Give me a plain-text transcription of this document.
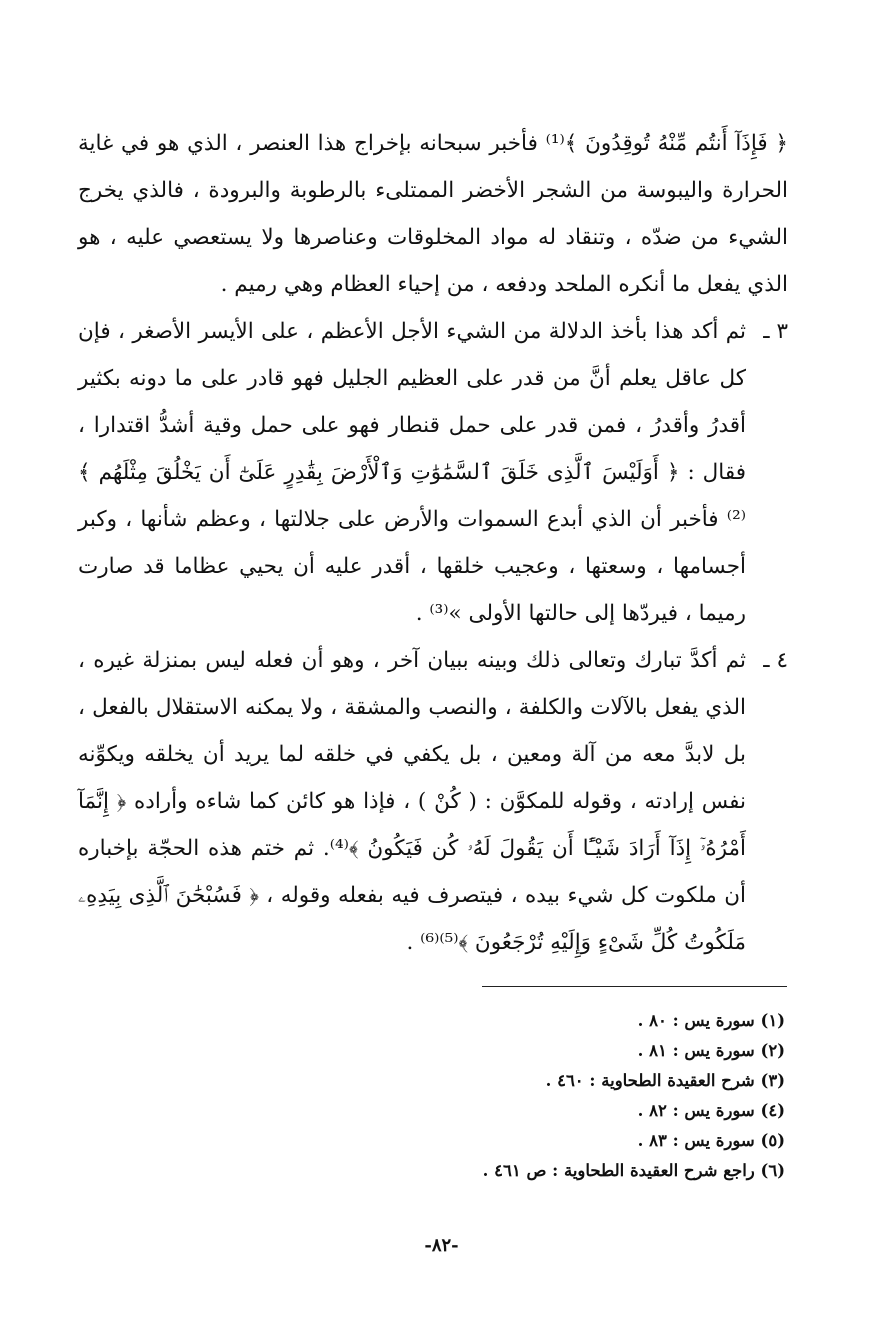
﴿ فَإِذَآ أَنتُم مِّنْهُ تُوقِدُونَ ﴾⁽¹⁾ فأخبر سبحانه بإخراج هذا العنصر ، الذي هو في غاية الحرارة واليبوسة من الشجر الأخضر الممتلىء بالرطوبة والبرودة ، فالذي يخرج الشيء من ضدّه ، وتنقاد له مواد المخلوقات وعناصرها ولا يستعصي عليه ، هو الذي يفعل ما أنكره الملحد ودفعه ، من إحياء العظام وهي رميم .

٣ ـ

ثم أكد هذا بأخذ الدلالة من الشيء الأجل الأعظم ، على الأيسر الأصغر ، فإن كل عاقل يعلم أنَّ من قدر على العظيم الجليل فهو قادر على ما دونه بكثير أقدرُ وأقدرُ ، فمن قدر على حمل قنطار فهو على حمل وقية أشدُّ اقتدارا ، فقال : ﴿ أَوَلَيْسَ ٱلَّذِى خَلَقَ ٱلسَّمَٰوَٰتِ وَٱلْأَرْضَ بِقَٰدِرٍ عَلَىٰٓ أَن يَخْلُقَ مِثْلَهُم ﴾⁽²⁾ فأخبر أن الذي أبدع السموات والأرض على جلالتها ، وعظم شأنها ، وكبر أجسامها ، وسعتها ، وعجيب خلقها ، أقدر عليه أن يحيي عظاما قد صارت رميما ، فيردّها إلى حالتها الأولى »⁽³⁾ .

٤ ـ

ثم أكدَّ تبارك وتعالى ذلك وبينه ببيان آخر ، وهو أن فعله ليس بمنزلة غيره ، الذي يفعل بالآلات والكلفة ، والنصب والمشقة ، ولا يمكنه الاستقلال بالفعل ، بل لابدَّ معه من آلة ومعين ، بل يكفي في خلقه لما يريد أن يخلقه ويكوِّنه نفس إرادته ، وقوله للمكوَّن : ( كُنْ ) ، فإذا هو كائن كما شاءه وأراده ﴿ إِنَّمَآ أَمْرُهُۥٓ إِذَآ أَرَادَ شَيْـًٔا أَن يَقُولَ لَهُۥ كُن فَيَكُونُ ﴾⁽⁴⁾. ثم ختم هذه الحجّة بإخباره أن ملكوت كل شيء بيده ، فيتصرف فيه بفعله وقوله ، ﴿ فَسُبْحَٰنَ ٱلَّذِى بِيَدِهِۦ مَلَكُوتُ كُلِّ شَىْءٍ وَإِلَيْهِ تُرْجَعُونَ ﴾⁽⁵⁾⁽⁶⁾ .

(١) سورة يس : ٨٠ .
(٢) سورة يس : ٨١ .
(٣) شرح العقيدة الطحاوية : ٤٦٠ .
(٤) سورة يس : ٨٢ .
(٥) سورة يس : ٨٣ .
(٦) راجع شرح العقيدة الطحاوية : ص ٤٦١ .
-٨٢-
